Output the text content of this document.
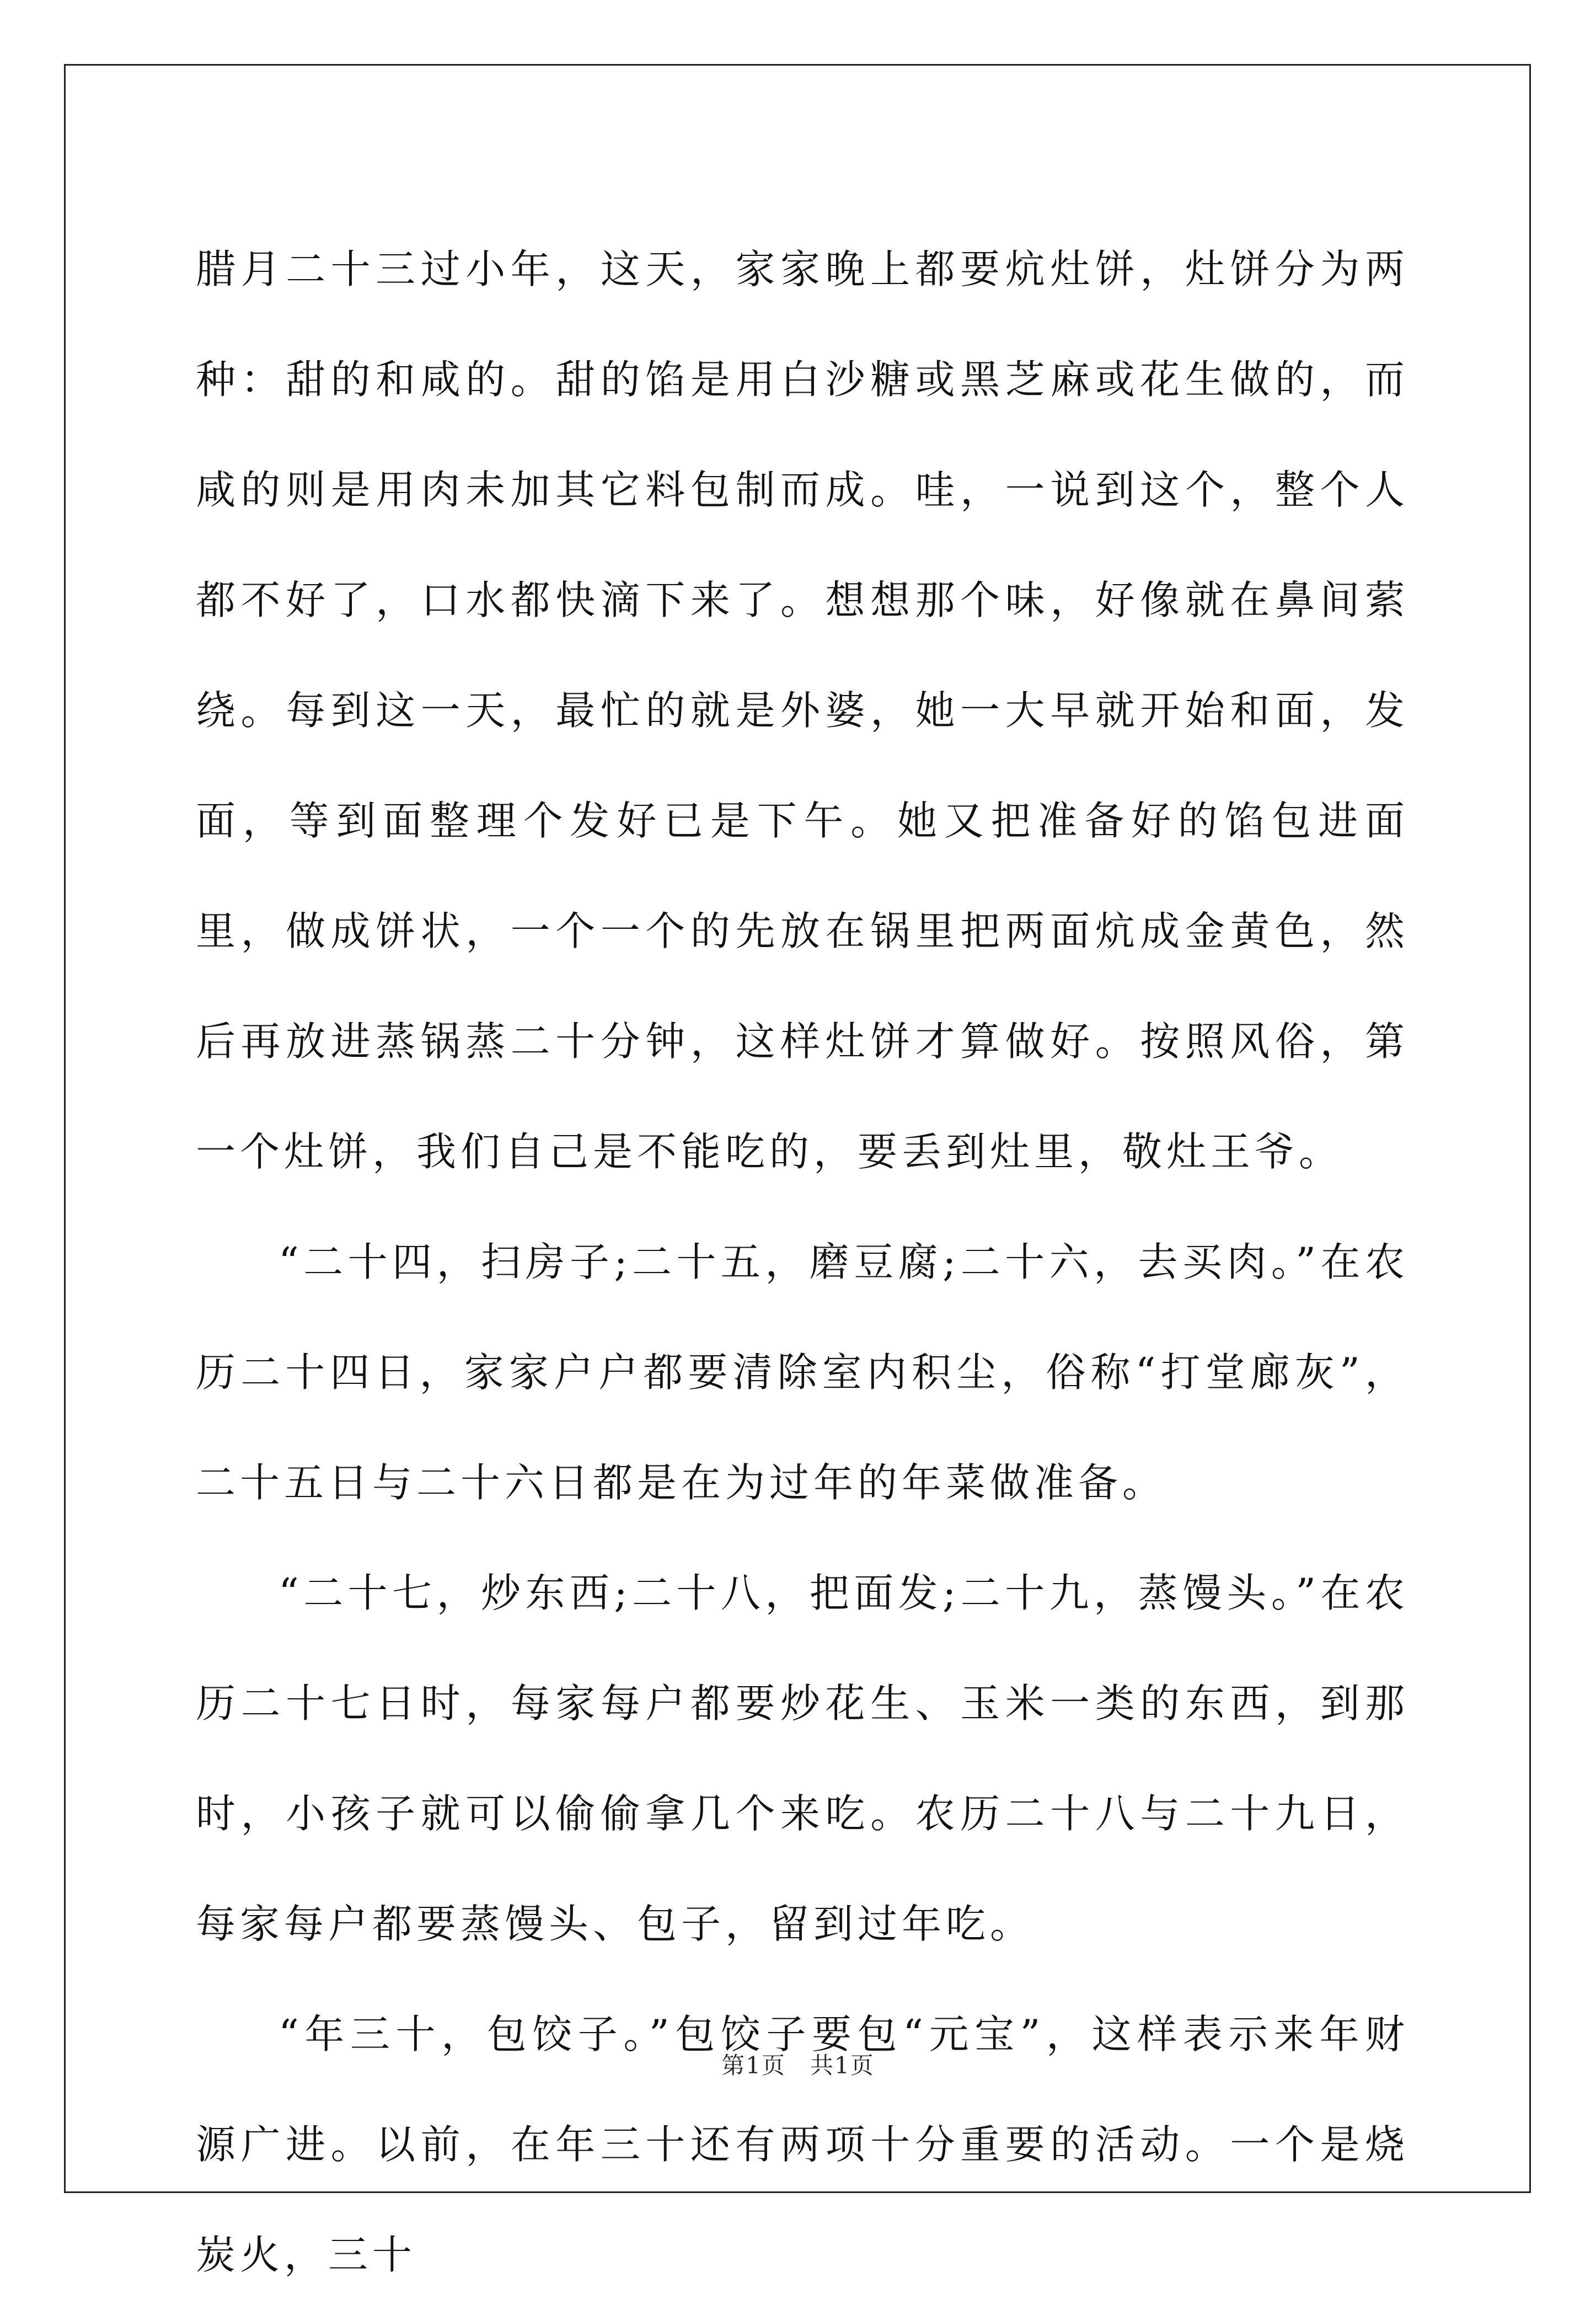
腊月二十三过小年，这天，家家晚上都要炕灶饼，灶饼分为两种：甜的和咸的。甜的馅是用白沙糖或黑芝麻或花生做的，而咸的则是用肉未加其它料包制而成。哇，一说到这个，整个人都不好了，口水都快滴下来了。想想那个味，好像就在鼻间萦绕。每到这一天，最忙的就是外婆，她一大早就开始和面，发面，等到面整理个发好已是下午。她又把准备好的馅包进面里，做成饼状，一个一个的先放在锅里把两面炕成金黄色，然后再放进蒸锅蒸二十分钟，这样灶饼才算做好。按照风俗，第一个灶饼，我们自己是不能吃的，要丢到灶里，敬灶王爷。

“二十四，扫房子;二十五，磨豆腐;二十六，去买肉。”在农历二十四日，家家户户都要清除室内积尘，俗称“打堂廊灰”，二十五日与二十六日都是在为过年的年菜做准备。

“二十七，炒东西;二十八，把面发;二十九，蒸馒头。”在农历二十七日时，每家每户都要炒花生、玉米一类的东西，到那时，小孩子就可以偷偷拿几个来吃。农历二十八与二十九日，每家每户都要蒸馒头、包子，留到过年吃。

“年三十，包饺子。”包饺子要包“元宝”，这样表示来年财源广进。以前，在年三十还有两项十分重要的活动。一个是烧炭火，三十

第1页　共1页
